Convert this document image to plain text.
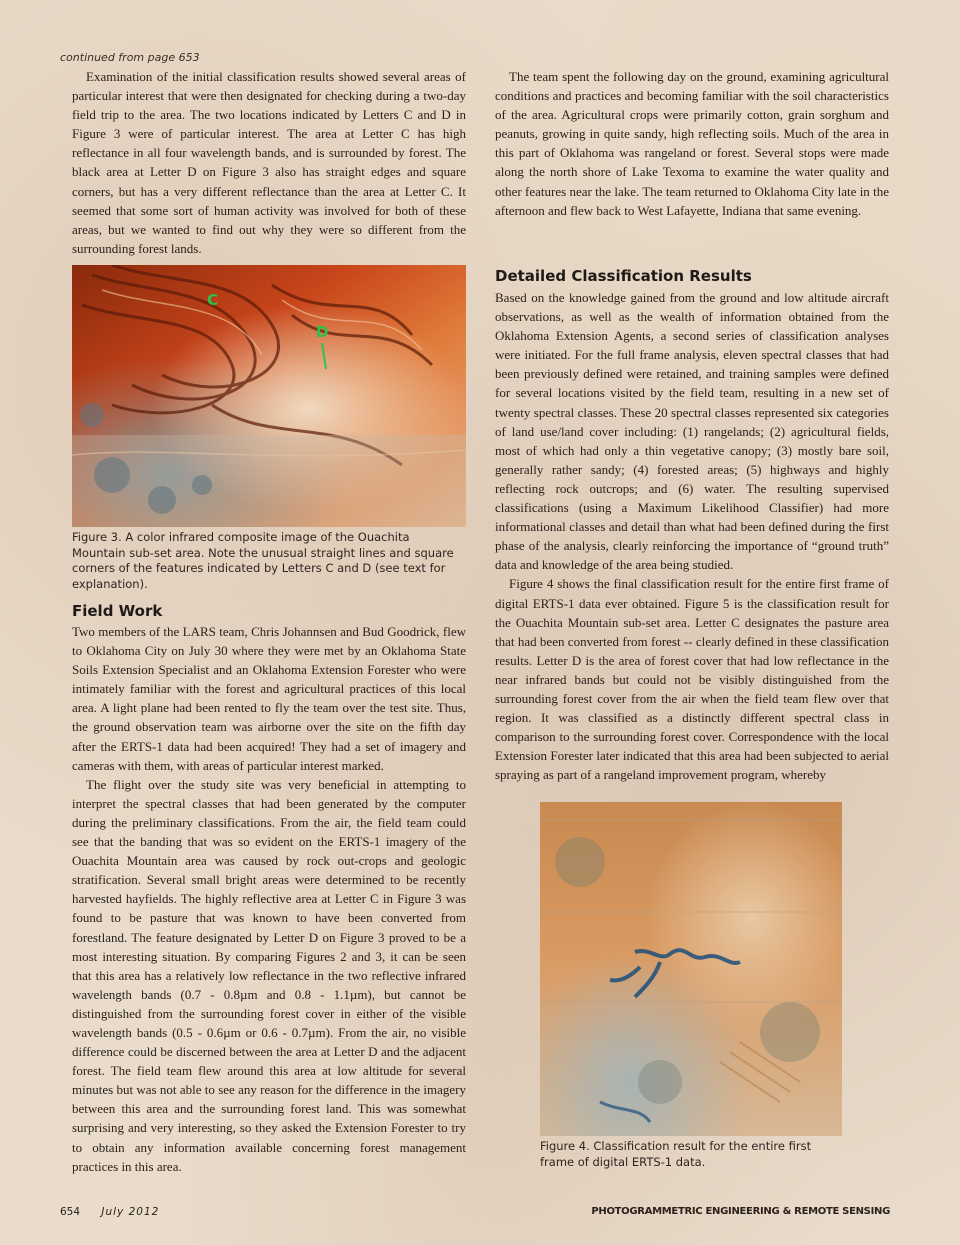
continued from page 653

Examination of the initial classification results showed several areas of particular interest that were then designated for checking during a two-day field trip to the area. The two locations indicated by Letters C and D in Figure 3 were of particular interest. The area at Letter C has high reflectance in all four wavelength bands, and is surrounded by forest. The black area at Letter D on Figure 3 also has straight edges and square corners, but has a very different reflectance than the area at Letter C. It seemed that some sort of human activity was involved for both of these areas, but we wanted to find out why they were so different from the surrounding forest lands.

C
D
Figure 3. A color infrared composite image of the Ouachita Mountain sub-set area. Note the unusual straight lines and square corners of the features indicated by Letters C and D (see text for explanation).
Field Work

Two members of the LARS team, Chris Johannsen and Bud Goodrick, flew to Oklahoma City on July 30 where they were met by an Oklahoma State Soils Extension Specialist and an Oklahoma Extension Forester who were intimately familiar with the forest and agricultural practices of this local area. A light plane had been rented to fly the team over the test site. Thus, the ground observation team was airborne over the site on the fifth day after the ERTS-1 data had been acquired! They had a set of imagery and cameras with them, with areas of particular interest marked.

The flight over the study site was very beneficial in attempting to interpret the spectral classes that had been generated by the computer during the preliminary classifications. From the air, the field team could see that the banding that was so evident on the ERTS-1 imagery of the Ouachita Mountain area was caused by rock out-crops and geologic stratification. Several small bright areas were determined to be recently harvested hayfields. The highly reflective area at Letter C in Figure 3 was found to be pasture that was known to have been converted from forestland. The feature designated by Letter D on Figure 3 proved to be a most interesting situation. By comparing Figures 2 and 3, it can be seen that this area has a relatively low reflectance in the two reflective infrared wavelength bands (0.7 - 0.8µm and 0.8 - 1.1µm), but cannot be distinguished from the surrounding forest cover in either of the visible wavelength bands (0.5 - 0.6µm or 0.6 - 0.7µm). From the air, no visible difference could be discerned between the area at Letter D and the adjacent forest. The field team flew around this area at low altitude for several minutes but was not able to see any reason for the difference in the imagery between this area and the surrounding forest land. This was somewhat surprising and very interesting, so they asked the Extension Forester to try to obtain any information available concerning forest management practices in this area.

The team spent the following day on the ground, examining agricultural conditions and practices and becoming familiar with the soil characteristics of the area. Agricultural crops were primarily cotton, grain sorghum and peanuts, growing in quite sandy, high reflecting soils. Much of the area in this part of Oklahoma was rangeland or forest. Several stops were made along the north shore of Lake Texoma to examine the water quality and other features near the lake. The team returned to Oklahoma City late in the afternoon and flew back to West Lafayette, Indiana that same evening.

Detailed Classification Results

Based on the knowledge gained from the ground and low altitude aircraft observations, as well as the wealth of information obtained from the Oklahoma Extension Agents, a second series of classification analyses were initiated. For the full frame analysis, eleven spectral classes that had been previously defined were retained, and training samples were defined for several locations visited by the field team, resulting in a new set of twenty spectral classes. These 20 spectral classes represented six categories of land use/land cover including: (1) rangelands; (2) agricultural fields, most of which had only a thin vegetative canopy; (3) mostly bare soil, generally rather sandy; (4) forested areas; (5) highways and highly reflecting rock outcrops; and (6) water. The resulting supervised classifications (using a Maximum Likelihood Classifier) had more informational classes and detail than what had been defined during the first phase of the analysis, clearly reinforcing the importance of “ground truth” data and knowledge of the area being studied.

Figure 4 shows the final classification result for the entire first frame of digital ERTS-1 data ever obtained. Figure 5 is the classification result for the Ouachita Mountain sub-set area. Letter C designates the pasture area that had been converted from forest -- clearly defined in these classification results. Letter D is the area of forest cover that had low reflectance in the near infrared bands but could not be visibly distinguished from the surrounding forest cover from the air when the field team flew over that region. It was classified as a distinctly different spectral class in comparison to the surrounding forest cover. Correspondence with the local Extension Forester later indicated that this area had been subjected to aerial spraying as part of a rangeland improvement program, whereby

Figure 4. Classification result for the entire first frame of digital ERTS-1 data.
654 July 2012	PHOTOGRAMMETRIC ENGINEERING & REMOTE SENSING
